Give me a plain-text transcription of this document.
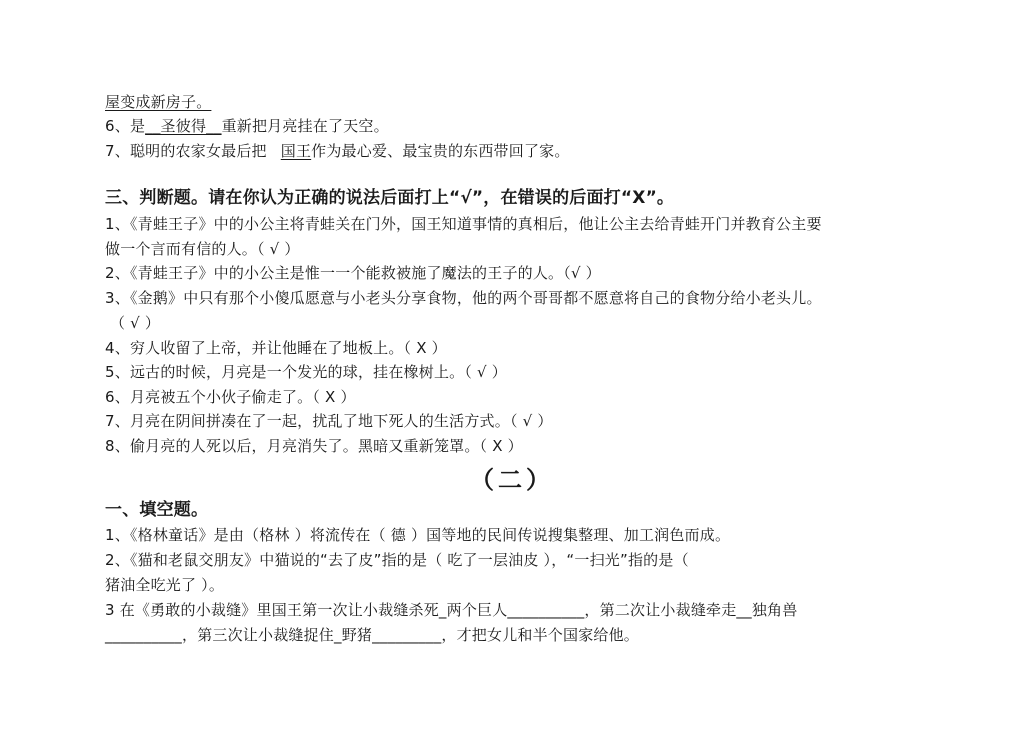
屋变成新房子。
6、是__圣彼得__重新把月亮挂在了天空。
7、聪明的农家女最后把 国王作为最心爱、最宝贵的东西带回了家。
三、判断题。请在你认为正确的说法后面打上“√”，在错误的后面打“X”。
1、《青蛙王子》中的小公主将青蛙关在门外，国王知道事情的真相后，他让公主去给青蛙开门并教育公主要
做一个言而有信的人。（ √ ）
2、《青蛙王子》中的小公主是惟一一个能救被施了魔法的王子的人。（√ ）
3、《金鹅》中只有那个小傻瓜愿意与小老头分享食物，他的两个哥哥都不愿意将自己的食物分给小老头儿。
（ √ ）
4、穷人收留了上帝，并让他睡在了地板上。（ X ）
5、远古的时候，月亮是一个发光的球，挂在橡树上。（ √ ）
6、月亮被五个小伙子偷走了。（ X ）
7、月亮在阴间拼凑在了一起，扰乱了地下死人的生活方式。（ √ ）
8、偷月亮的人死以后，月亮消失了。黑暗又重新笼罩。（ X ）
（二）
一、填空题。
1、《格林童话》是由（格林 ）将流传在（ 德 ）国等地的民间传说搜集整理、加工润色而成。
2、《猫和老鼠交朋友》中猫说的“去了皮”指的是（ 吃了一层油皮 ），“一扫光”指的是（
猪油全吃光了 ）。
3 在《勇敢的小裁缝》里国王第一次让小裁缝杀死_两个巨人__________，第二次让小裁缝牵走__独角兽
__________，第三次让小裁缝捉住_野猪_________，才把女儿和半个国家给他。
